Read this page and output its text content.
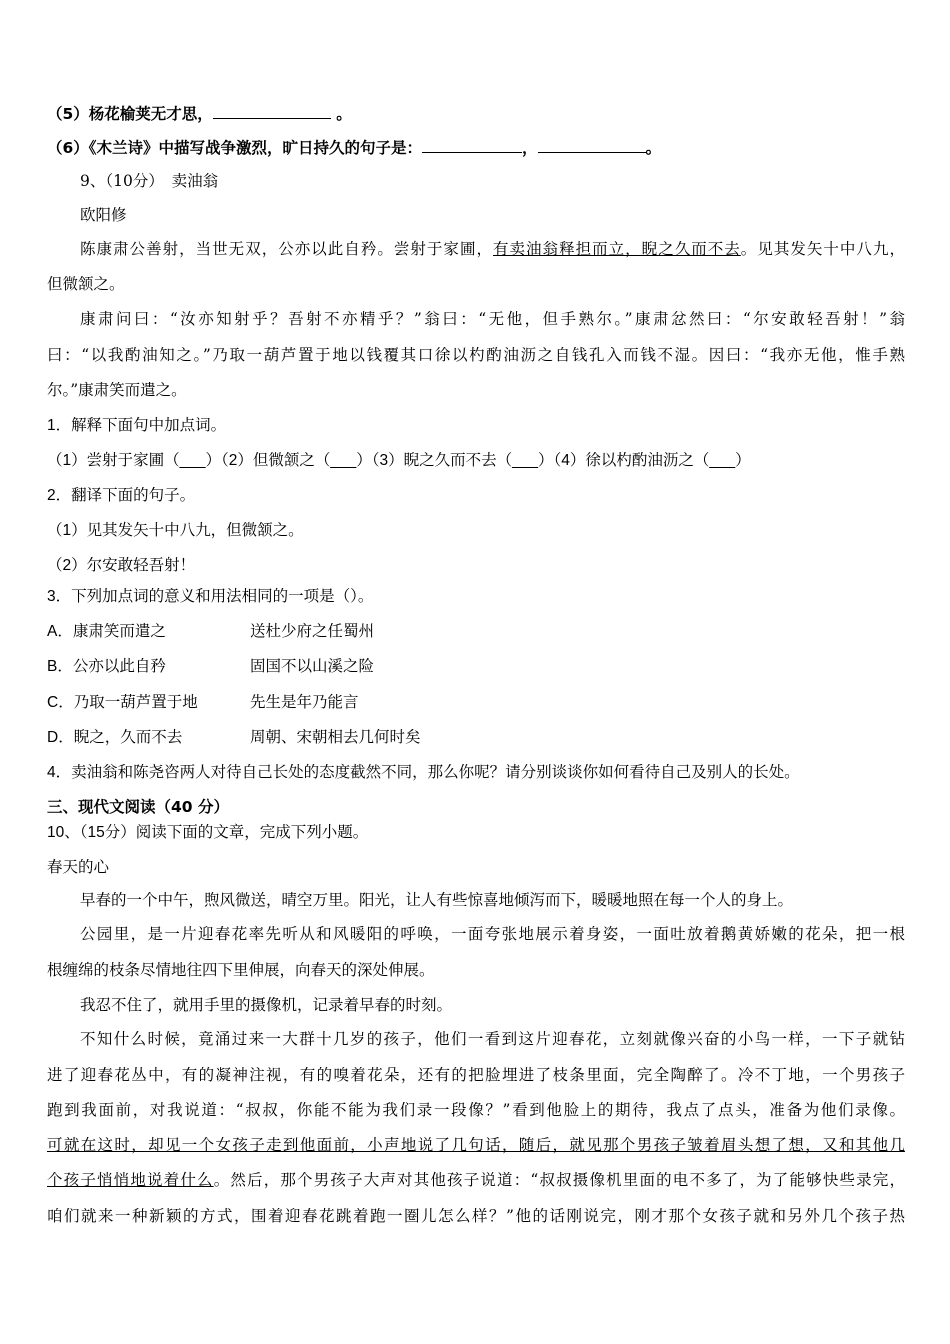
（5）杨花榆荚无才思，	。
（6）《木兰诗》中描写战争激烈，旷日持久的句子是：	，	。
9、（10分）　卖油翁
欧阳修
陈康肃公善射，当世无双，公亦以此自矜。尝射于家圃，有卖油翁释担而立，睨之久而不去。见其发矢十中八九，
但微颔之。
康肃问曰：“汝亦知射乎？吾射不亦精乎？”翁曰：“无他，但手熟尔。”康肃忿然曰：“尔安敢轻吾射！”翁
曰：“以我酌油知之。”乃取一葫芦置于地以钱覆其口徐以杓酌油沥之自钱孔入而钱不湿。因曰：“我亦无他，惟手熟
尔。”康肃笑而遣之。
1．解释下面句中加点词。
（1）尝射于家圃（___）（2）但微颔之（___）（3）睨之久而不去（___）（4）徐以杓酌油沥之（___）
2．翻译下面的句子。
（1）见其发矢十中八九，但微颔之。
（2）尔安敢轻吾射！
3．下列加点词的意义和用法相同的一项是（）。
A．康肃笑而遣之	送杜少府之任蜀州
B．公亦以此自矜	固国不以山溪之险
C．乃取一葫芦置于地	先生是年乃能言
D．睨之，久而不去	周朝、宋朝相去几何时矣
4．卖油翁和陈尧咨两人对待自己长处的态度截然不同，那么你呢？请分别谈谈你如何看待自己及别人的长处。
三、现代文阅读（40 分）
10、（15分）阅读下面的文章，完成下列小题。
春天的心
早春的一个中午，煦风微送，晴空万里。阳光，让人有些惊喜地倾泻而下，暖暖地照在每一个人的身上。
公园里，是一片迎春花率先听从和风暖阳的呼唤，一面夸张地展示着身姿，一面吐放着鹅黄娇嫩的花朵，把一根
根缠绵的枝条尽情地往四下里伸展，向春天的深处伸展。
我忍不住了，就用手里的摄像机，记录着早春的时刻。
不知什么时候，竟涌过来一大群十几岁的孩子，他们一看到这片迎春花，立刻就像兴奋的小鸟一样，一下子就钻
进了迎春花丛中，有的凝神注视，有的嗅着花朵，还有的把脸埋进了枝条里面，完全陶醉了。冷不丁地，一个男孩子
跑到我面前，对我说道：“叔叔，你能不能为我们录一段像？”看到他脸上的期待，我点了点头，准备为他们录像。
可就在这时，却见一个女孩子走到他面前，小声地说了几句话，随后，就见那个男孩子皱着眉头想了想，又和其他几
个孩子悄悄地说着什么。然后，那个男孩子大声对其他孩子说道：“叔叔摄像机里面的电不多了，为了能够快些录完，
咱们就来一种新颖的方式，围着迎春花跳着跑一圈儿怎么样？”他的话刚说完，刚才那个女孩子就和另外几个孩子热
